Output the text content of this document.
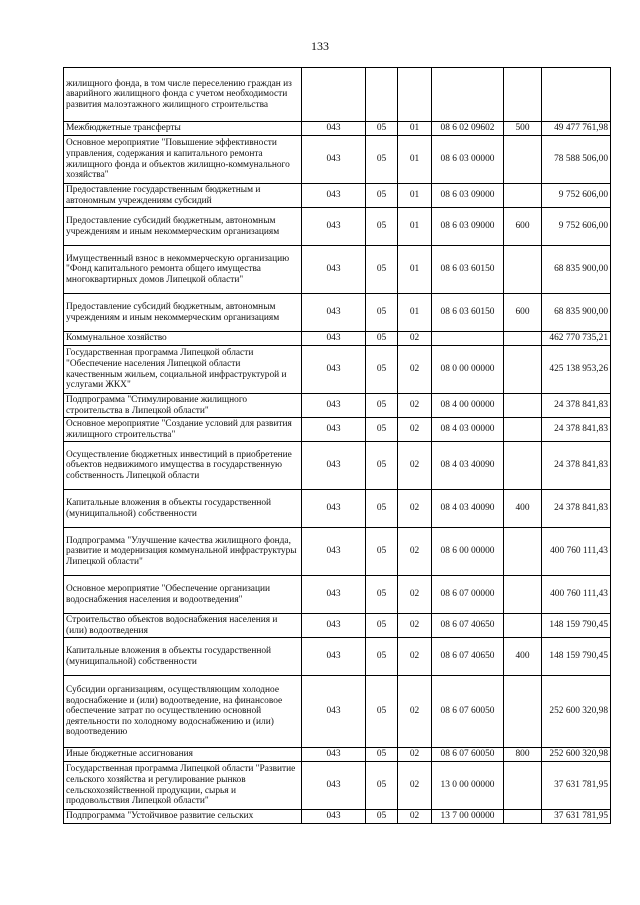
133
жилищного фонда, в том числе переселению граждан из аварийного жилищного фонда с учетом необходимости развития малоэтажного жилищного строительства						
Межбюджетные трансферты	043	05	01	08 6 02 09602	500	49 477 761,98
Основное мероприятие "Повышение эффективности управления, содержания и капитального ремонта жилищного фонда и объектов жилищно-коммунального хозяйства"	043	05	01	08 6 03 00000		78 588 506,00
Предоставление государственным бюджетным и автономным учреждениям субсидий	043	05	01	08 6 03 09000		9 752 606,00
Предоставление субсидий бюджетным, автономным учреждениям и иным некоммерческим организациям	043	05	01	08 6 03 09000	600	9 752 606,00
Имущественный взнос в некоммерческую организацию "Фонд капитального ремонта общего имущества многоквартирных домов Липецкой области"	043	05	01	08 6 03 60150		68 835 900,00
Предоставление субсидий бюджетным, автономным учреждениям и иным некоммерческим организациям	043	05	01	08 6 03 60150	600	68 835 900,00
Коммунальное хозяйство	043	05	02			462 770 735,21
Государственная программа Липецкой области "Обеспечение населения Липецкой области качественным жильем, социальной инфраструктурой и услугами ЖКХ"	043	05	02	08 0 00 00000		425 138 953,26
Подпрограмма "Стимулирование жилищного строительства в Липецкой области"	043	05	02	08 4 00 00000		24 378 841,83
Основное мероприятие "Создание условий для развития жилищного строительства"	043	05	02	08 4 03 00000		24 378 841,83
Осуществление бюджетных инвестиций в приобретение объектов недвижимого имущества в государственную собственность Липецкой области	043	05	02	08 4 03 40090		24 378 841,83
Капитальные вложения в объекты государственной (муниципальной) собственности	043	05	02	08 4 03 40090	400	24 378 841,83
Подпрограмма "Улучшение качества жилищного фонда, развитие и модернизация коммунальной инфраструктуры Липецкой области"	043	05	02	08 6 00 00000		400 760 111,43
Основное мероприятие "Обеспечение организации водоснабжения населения и водоотведения"	043	05	02	08 6 07 00000		400 760 111,43
Строительство объектов водоснабжения населения и (или) водоотведения	043	05	02	08 6 07 40650		148 159 790,45
Капитальные вложения в объекты государственной (муниципальной) собственности	043	05	02	08 6 07 40650	400	148 159 790,45
Субсидии организациям, осуществляющим холодное водоснабжение и (или) водоотведение, на финансовое обеспечение затрат по осуществлению основной деятельности по холодному водоснабжению и (или) водоотведению	043	05	02	08 6 07 60050		252 600 320,98
Иные бюджетные ассигнования	043	05	02	08 6 07 60050	800	252 600 320,98
Государственная программа Липецкой области "Развитие сельского хозяйства и регулирование рынков сельскохозяйственной продукции, сырья и продовольствия Липецкой области"	043	05	02	13 0 00 00000		37 631 781,95
Подпрограмма "Устойчивое развитие сельских	043	05	02	13 7 00 00000		37 631 781,95
